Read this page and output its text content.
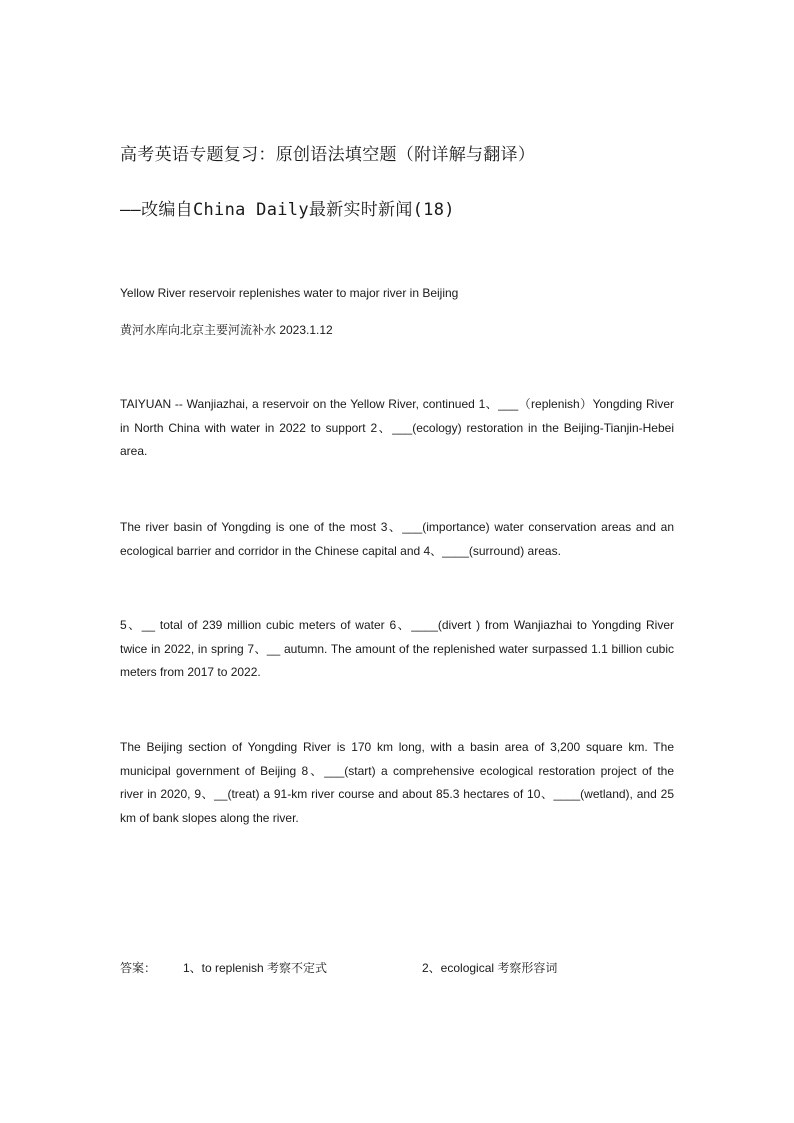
高考英语专题复习：原创语法填空题（附详解与翻译）
——改编自China Daily最新实时新闻(18)
Yellow River reservoir replenishes water to major river in Beijing
黄河水库向北京主要河流补水 2023.1.12

TAIYUAN -- Wanjiazhai, a reservoir on the Yellow River, continued 1、___（replenish）Yongding River in North China with water in 2022 to support 2、___(ecology) restoration in the Beijing-Tianjin-Hebei area.

The river basin of Yongding is one of the most 3、___(importance) water conservation areas and an ecological barrier and corridor in the Chinese capital and 4、____(surround) areas.

5、__ total of 239 million cubic meters of water 6、____(divert ) from Wanjiazhai to Yongding River twice in 2022, in spring 7、__ autumn. The amount of the replenished water surpassed 1.1 billion cubic meters from 2017 to 2022.

The Beijing section of Yongding River is 170 km long, with a basin area of 3,200 square km. The municipal government of Beijing 8、___(start) a comprehensive ecological restoration project of the river in 2020, 9、__(treat) a 91-km river course and about 85.3 hectares of 10、____(wetland), and 25 km of bank slopes along the river.

答案： 1、to replenish 考察不定式	2、ecological 考察形容词
